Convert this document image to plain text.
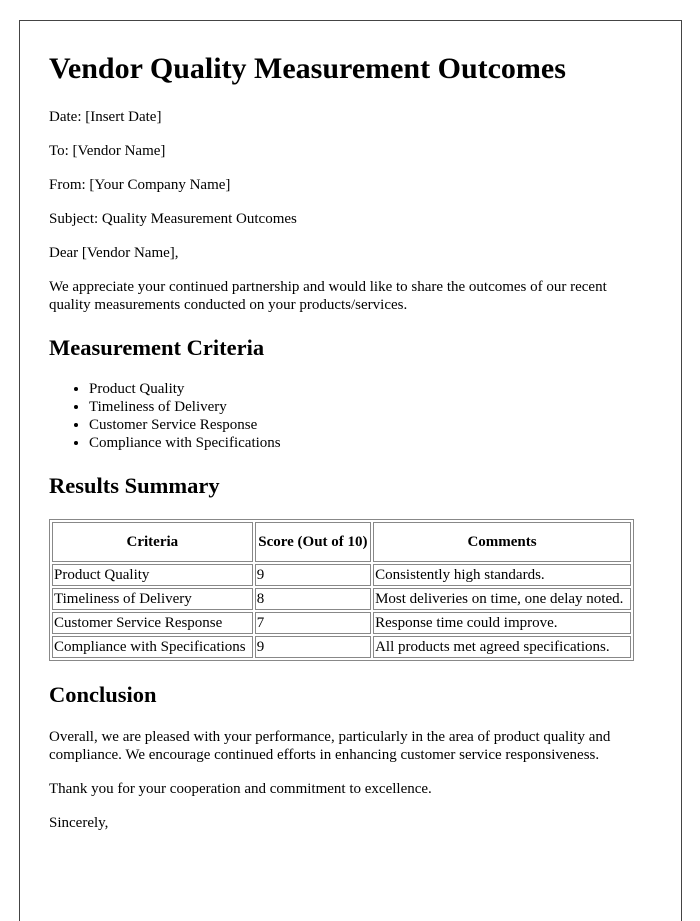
Vendor Quality Measurement Outcomes

Date: [Insert Date]

To: [Vendor Name]

From: [Your Company Name]

Subject: Quality Measurement Outcomes

Dear [Vendor Name],

We appreciate your continued partnership and would like to share the outcomes of our recent quality measurements conducted on your products/services.

Measurement Criteria
• Product Quality
• Timeliness of Delivery
• Customer Service Response
• Compliance with Specifications
Results Summary
Criteria	Score (Out of 10)	Comments
Product Quality	9	Consistently high standards.
Timeliness of Delivery	8	Most deliveries on time, one delay noted.
Customer Service Response	7	Response time could improve.
Compliance with Specifications	9	All products met agreed specifications.
Conclusion

Overall, we are pleased with your performance, particularly in the area of product quality and compliance. We encourage continued efforts in enhancing customer service responsiveness.

Thank you for your cooperation and commitment to excellence.

Sincerely,
